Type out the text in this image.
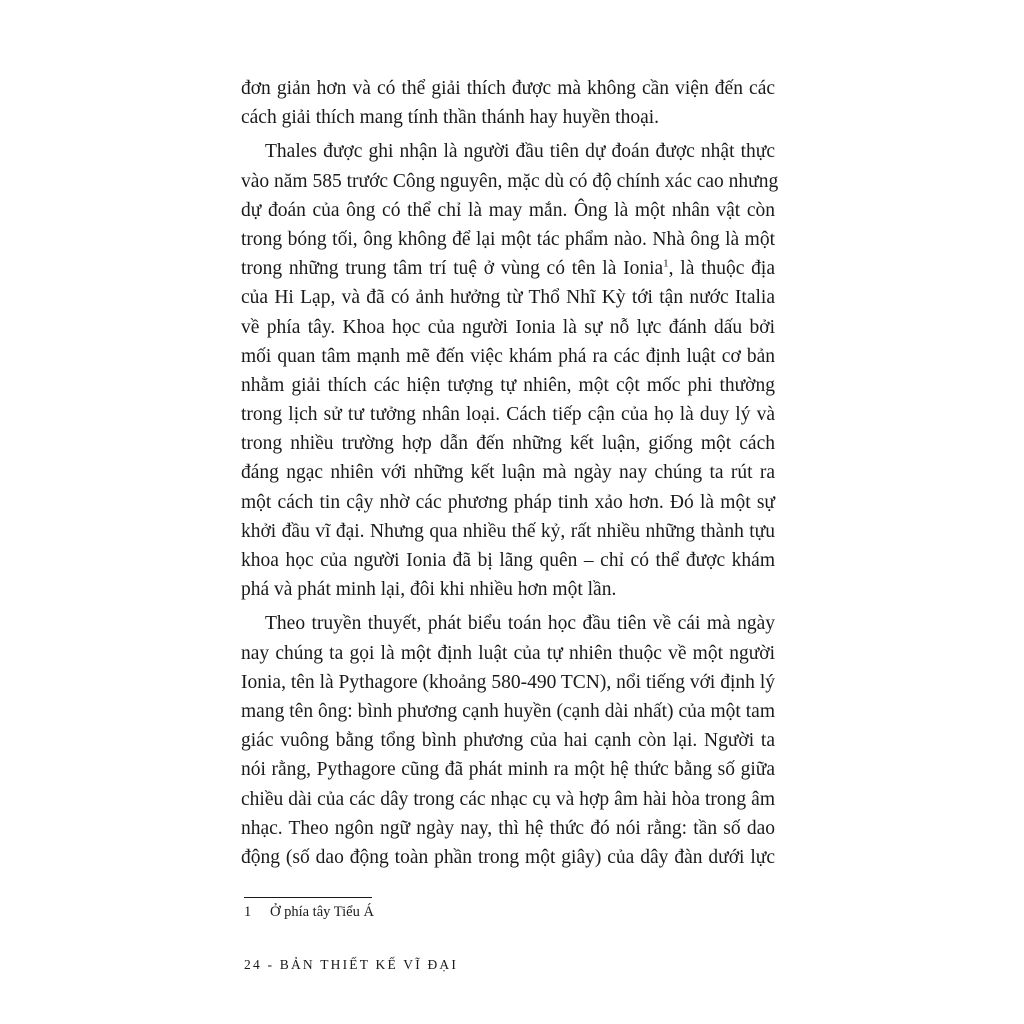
đơn giản hơn và có thể giải thích được mà không cần viện đến các
cách giải thích mang tính thần thánh hay huyền thoại.
Thales được ghi nhận là người đầu tiên dự đoán được nhật thực
vào năm 585 trước Công nguyên, mặc dù có độ chính xác cao nhưng
dự đoán của ông có thể chỉ là may mắn. Ông là một nhân vật còn
trong bóng tối, ông không để lại một tác phẩm nào. Nhà ông là một
trong những trung tâm trí tuệ ở vùng có tên là Ionia$^1$, là thuộc địa
của Hi Lạp, và đã có ảnh hưởng từ Thổ Nhĩ Kỳ tới tận nước Italia
về phía tây. Khoa học của người Ionia là sự nỗ lực đánh dấu bởi
mối quan tâm mạnh mẽ đến việc khám phá ra các định luật cơ bản
nhằm giải thích các hiện tượng tự nhiên, một cột mốc phi thường
trong lịch sử tư tưởng nhân loại. Cách tiếp cận của họ là duy lý và
trong nhiều trường hợp dẫn đến những kết luận, giống một cách
đáng ngạc nhiên với những kết luận mà ngày nay chúng ta rút ra
một cách tin cậy nhờ các phương pháp tinh xảo hơn. Đó là một sự
khởi đầu vĩ đại. Nhưng qua nhiều thế kỷ, rất nhiều những thành tựu
khoa học của người Ionia đã bị lãng quên – chỉ có thể được khám
phá và phát minh lại, đôi khi nhiều hơn một lần.
Theo truyền thuyết, phát biểu toán học đầu tiên về cái mà ngày
nay chúng ta gọi là một định luật của tự nhiên thuộc về một người
Ionia, tên là Pythagore (khoảng 580-490 TCN), nổi tiếng với định lý
mang tên ông: bình phương cạnh huyền (cạnh dài nhất) của một tam
giác vuông bằng tổng bình phương của hai cạnh còn lại. Người ta
nói rằng, Pythagore cũng đã phát minh ra một hệ thức bằng số giữa
chiều dài của các dây trong các nhạc cụ và hợp âm hài hòa trong âm
nhạc. Theo ngôn ngữ ngày nay, thì hệ thức đó nói rằng: tần số dao
động (số dao động toàn phần trong một giây) của dây đàn dưới lực
1 Ở phía tây Tiểu Á
24 - BẢN THIẾT KẾ VĨ ĐẠI
